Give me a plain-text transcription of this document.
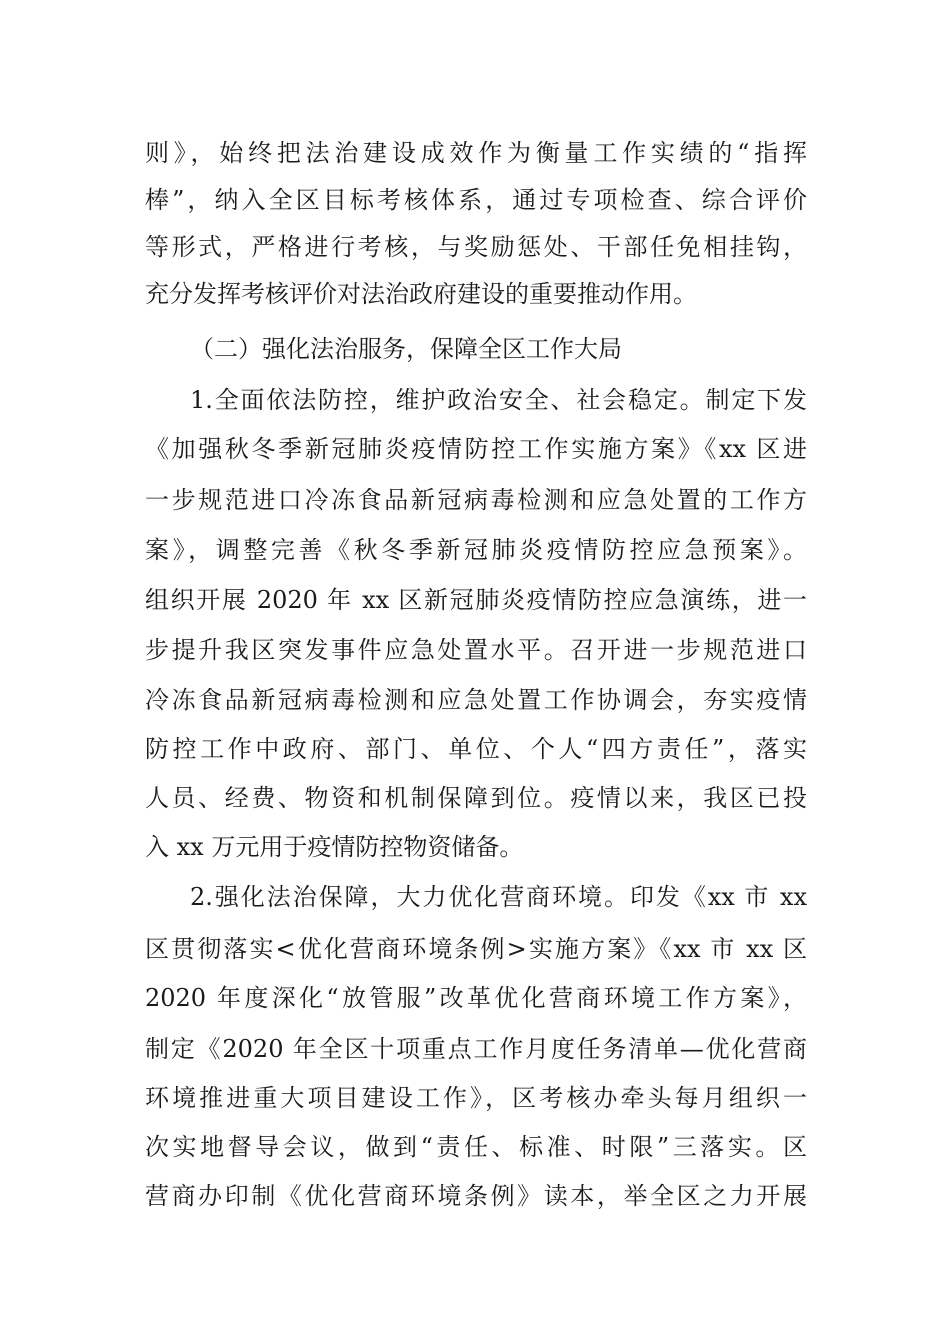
则》，始终把法治建设成效作为衡量工作实绩的“指挥
棒”，纳入全区目标考核体系，通过专项检查、综合评价
等形式，严格进行考核，与奖励惩处、干部任免相挂钩，
充分发挥考核评价对法治政府建设的重要推动作用。
（二）强化法治服务，保障全区工作大局
1.全面依法防控，维护政治安全、社会稳定。制定下发
《加强秋冬季新冠肺炎疫情防控工作实施方案》《xx 区进
一步规范进口冷冻食品新冠病毒检测和应急处置的工作方
案》，调整完善《秋冬季新冠肺炎疫情防控应急预案》。
组织开展 2020 年 xx 区新冠肺炎疫情防控应急演练，进一
步提升我区突发事件应急处置水平。召开进一步规范进口
冷冻食品新冠病毒检测和应急处置工作协调会，夯实疫情
防控工作中政府、部门、单位、个人“四方责任”，落实
人员、经费、物资和机制保障到位。疫情以来，我区已投
入 xx 万元用于疫情防控物资储备。
2.强化法治保障，大力优化营商环境。印发《xx 市 xx
区贯彻落实<优化营商环境条例>实施方案》《xx 市 xx 区
2020 年度深化“放管服”改革优化营商环境工作方案》，
制定《2020 年全区十项重点工作月度任务清单—优化营商
环境推进重大项目建设工作》，区考核办牵头每月组织一
次实地督导会议，做到“责任、标准、时限”三落实。区
营商办印制《优化营商环境条例》读本，举全区之力开展
